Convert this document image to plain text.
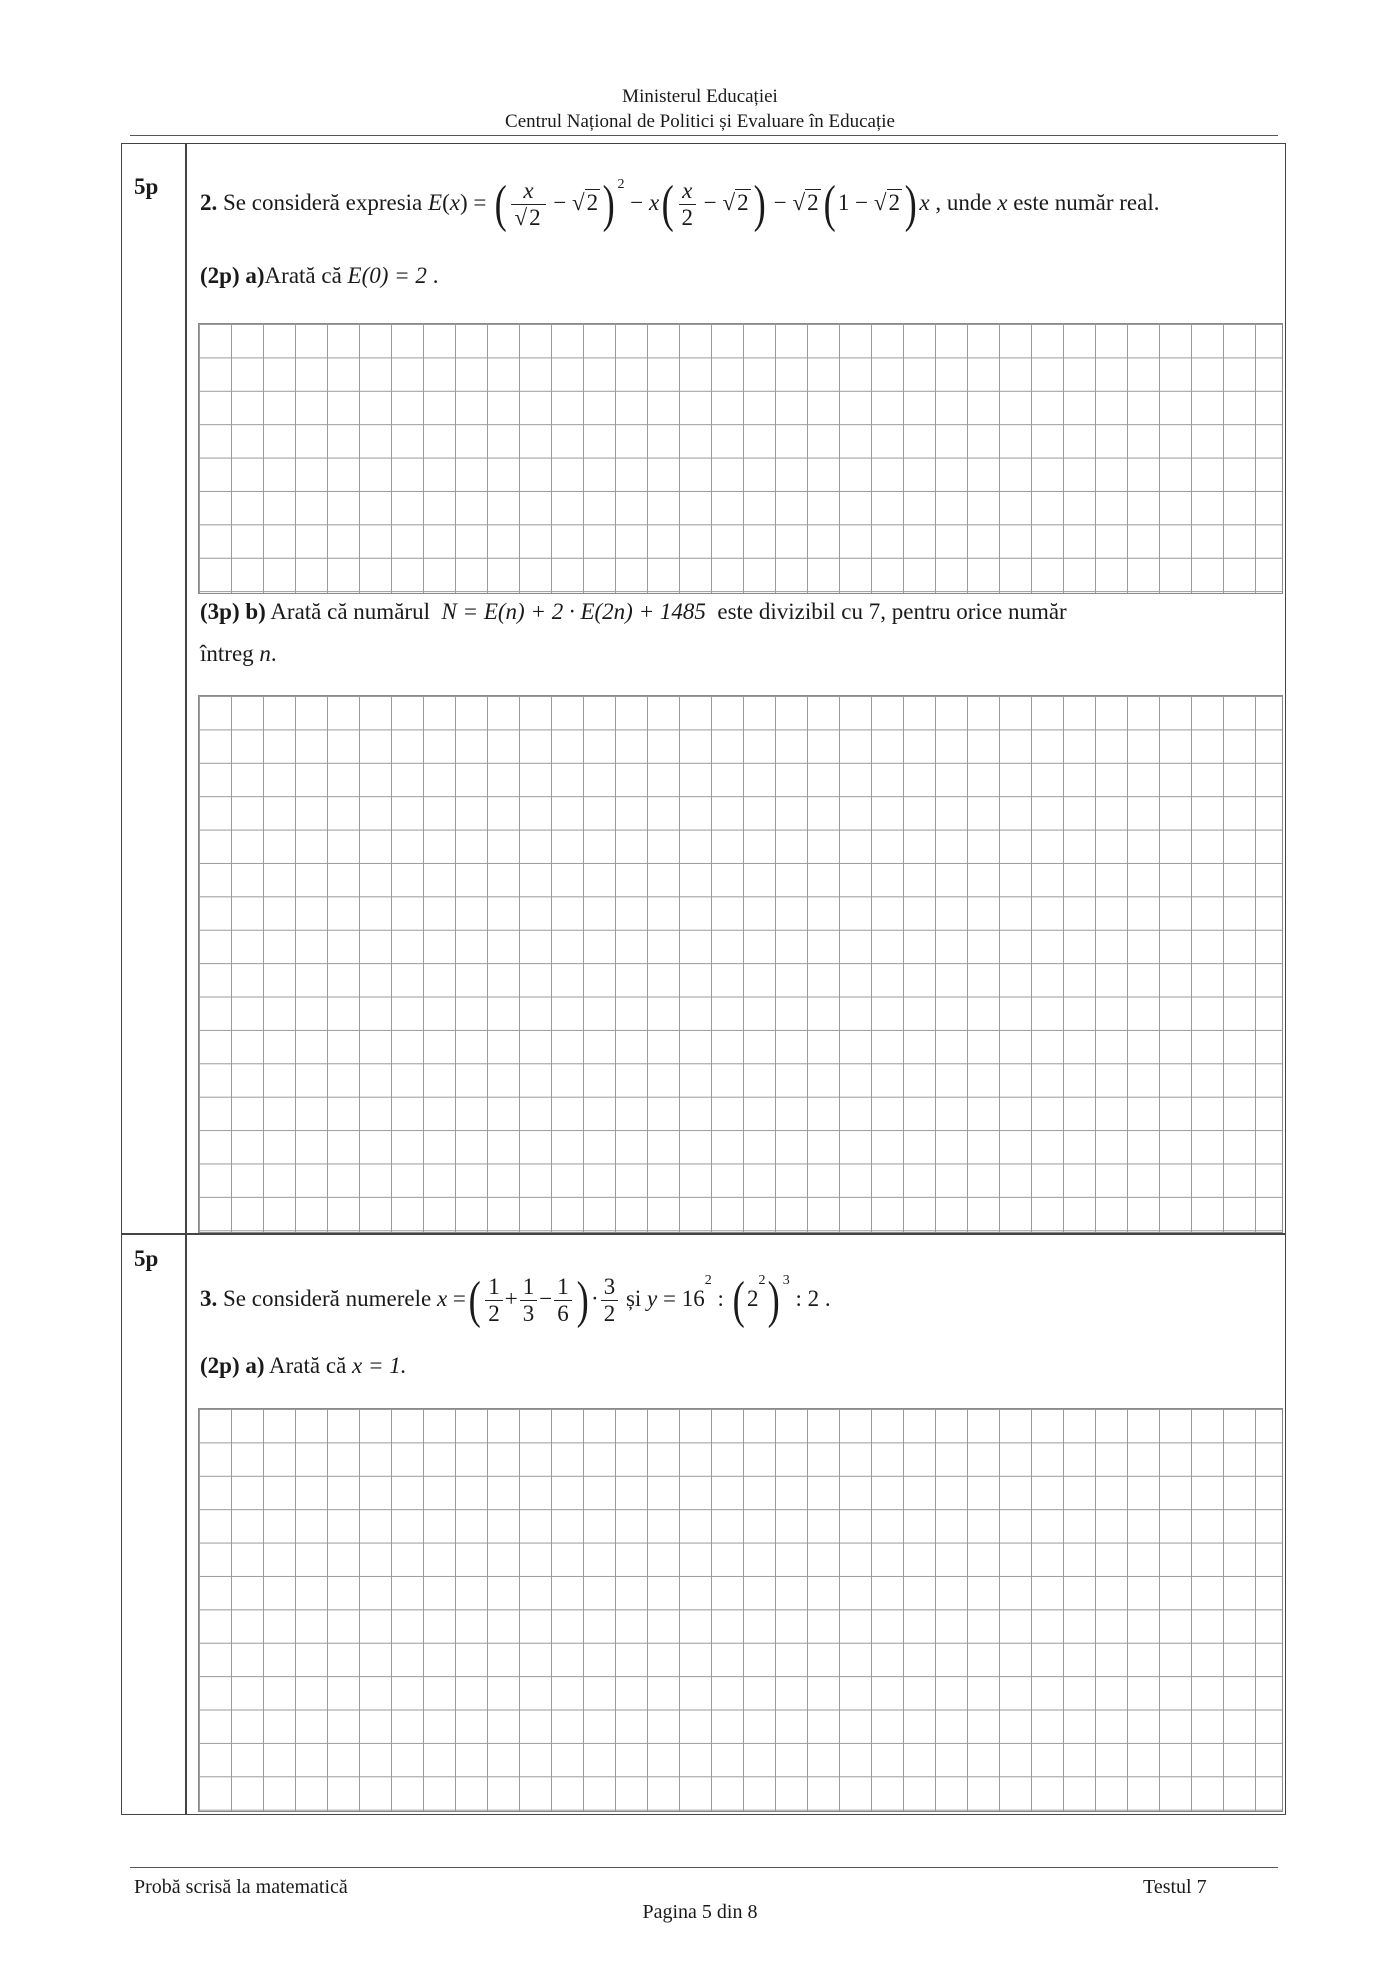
Ministerul Educației
Centrul Național de Politici și Evaluare în Educație
5p
2. Se consideră expresia E(x) = ( $\frac{x}{√2} - √2$) $^2 - x( \frac{x}{2} - √2) - √2$( 1 − √2) x , unde x este număr real.
(2p) a)Arată că E(0) = 2 .
(3p) b) Arată că numărul N = E(n) + 2 · E(2n) + 1485 este divizibil cu 7, pentru orice număr
întreg n.
5p
3. Se consideră numerele x =( $\frac{1}{2} + \frac{1}{3} - \frac{1}{6}$ ) · $\frac{3}{2}$ și $y = 16^2$ : ( $2^2$) $^3$ : 2 .
(2p) a) Arată că x = 1.
Probă scrisă la matematică	Testul 7
Pagina 5 din 8
